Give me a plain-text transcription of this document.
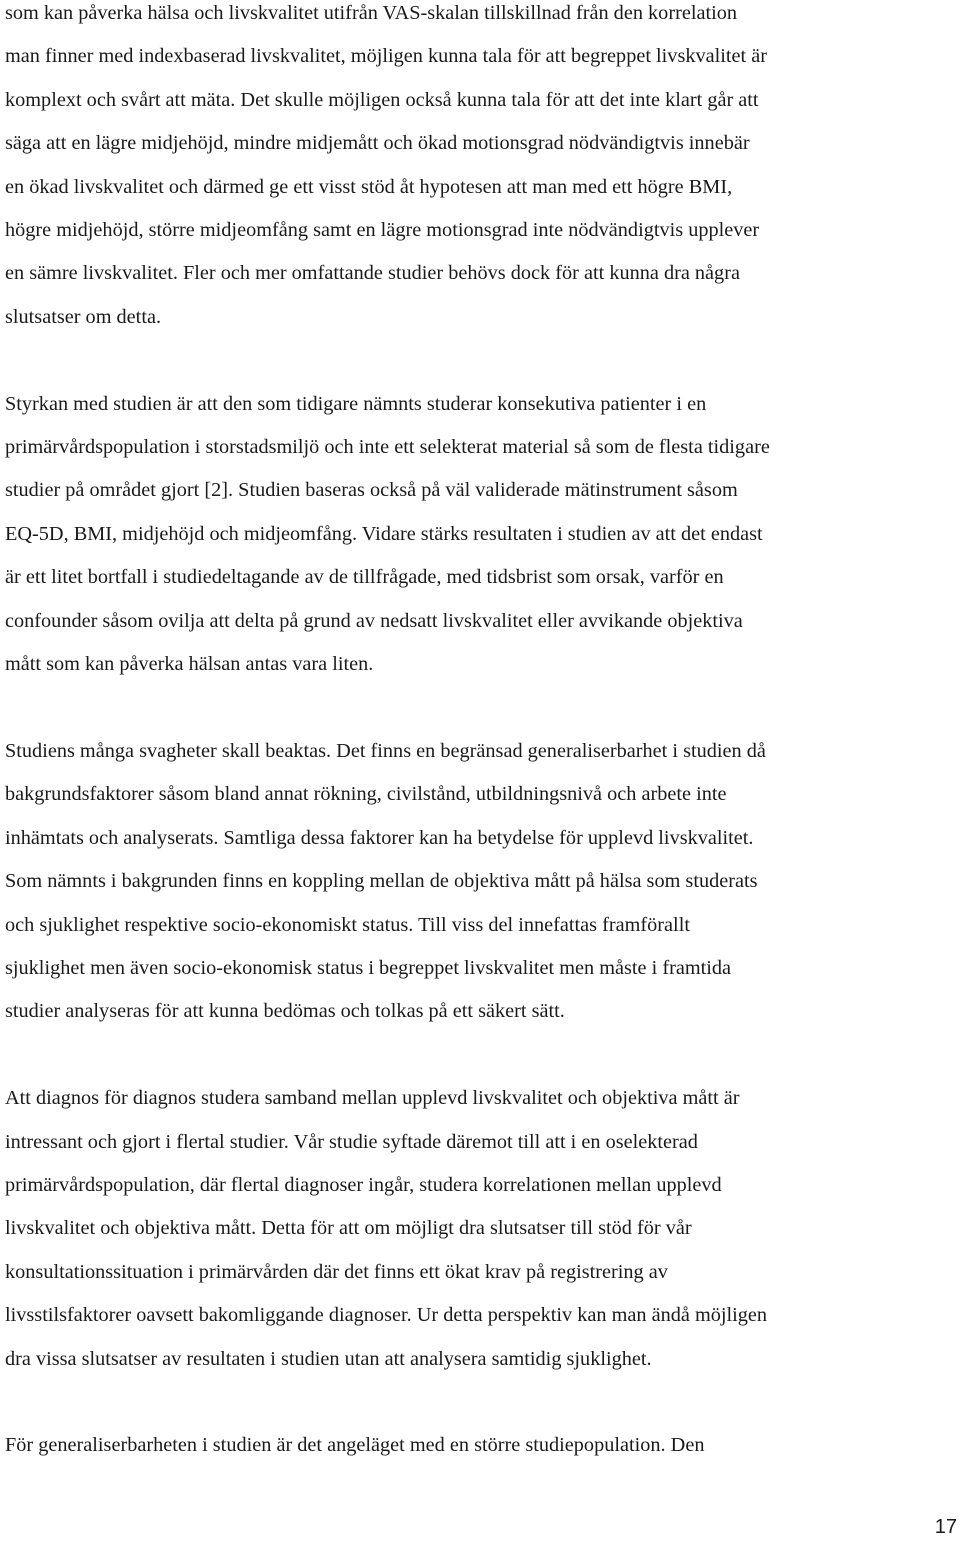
som kan påverka hälsa och livskvalitet utifrån VAS-skalan tillskillnad från den korrelation
man finner med indexbaserad livskvalitet, möjligen kunna tala för att begreppet livskvalitet är
komplext och svårt att mäta. Det skulle möjligen också kunna tala för att det inte klart går att
säga att en lägre midjehöjd, mindre midjemått och ökad motionsgrad nödvändigtvis innebär
en ökad livskvalitet och därmed ge ett visst stöd åt hypotesen att man med ett högre BMI,
högre midjehöjd, större midjeomfång samt en lägre motionsgrad inte nödvändigtvis upplever
en sämre livskvalitet. Fler och mer omfattande studier behövs dock för att kunna dra några
slutsatser om detta.

Styrkan med studien är att den som tidigare nämnts studerar konsekutiva patienter i en
primärvårdspopulation i storstadsmiljö och inte ett selekterat material så som de flesta tidigare
studier på området gjort [2]. Studien baseras också på väl validerade mätinstrument såsom
EQ-5D, BMI, midjehöjd och midjeomfång. Vidare stärks resultaten i studien av att det endast
är ett litet bortfall i studiedeltagande av de tillfrågade, med tidsbrist som orsak, varför en
confounder såsom ovilja att delta på grund av nedsatt livskvalitet eller avvikande objektiva
mått som kan påverka hälsan antas vara liten.

Studiens många svagheter skall beaktas. Det finns en begränsad generaliserbarhet i studien då
bakgrundsfaktorer såsom bland annat rökning, civilstånd, utbildningsnivå och arbete inte
inhämtats och analyserats. Samtliga dessa faktorer kan ha betydelse för upplevd livskvalitet.
Som nämnts i bakgrunden finns en koppling mellan de objektiva mått på hälsa som studerats
och sjuklighet respektive socio-ekonomiskt status. Till viss del innefattas framförallt
sjuklighet men även socio-ekonomisk status i begreppet livskvalitet men måste i framtida
studier analyseras för att kunna bedömas och tolkas på ett säkert sätt.

Att diagnos för diagnos studera samband mellan upplevd livskvalitet och objektiva mått är
intressant och gjort i flertal studier. Vår studie syftade däremot till att i en oselekterad
primärvårdspopulation, där flertal diagnoser ingår, studera korrelationen mellan upplevd
livskvalitet och objektiva mått. Detta för att om möjligt dra slutsatser till stöd för vår
konsultationssituation i primärvården där det finns ett ökat krav på registrering av
livsstilsfaktorer oavsett bakomliggande diagnoser. Ur detta perspektiv kan man ändå möjligen
dra vissa slutsatser av resultaten i studien utan att analysera samtidig sjuklighet.

För generaliserbarheten i studien är det angeläget med en större studiepopulation. Den

17
